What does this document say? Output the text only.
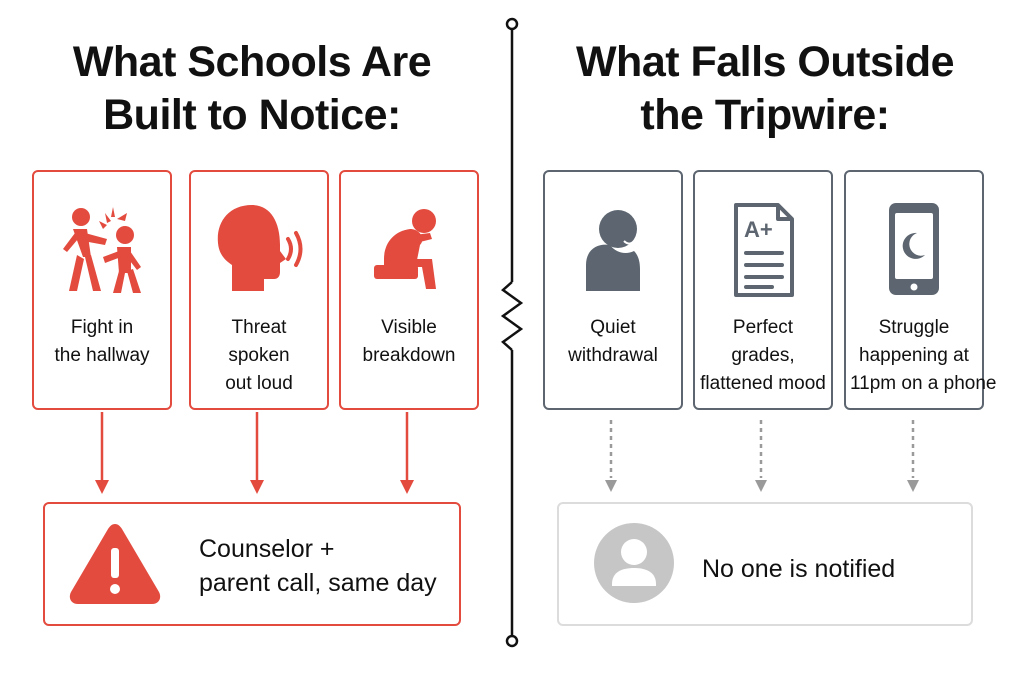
What Schools Are
Built to Notice:
What Falls Outside
the Tripwire:
Fight in
the hallway
Threat
spoken
out loud
Visible
breakdown
Quiet
withdrawal
A+
Perfect
grades,
flattened mood
Struggle
happening at
11pm on a phone
Counselor +
parent call, same day	No one is notified
